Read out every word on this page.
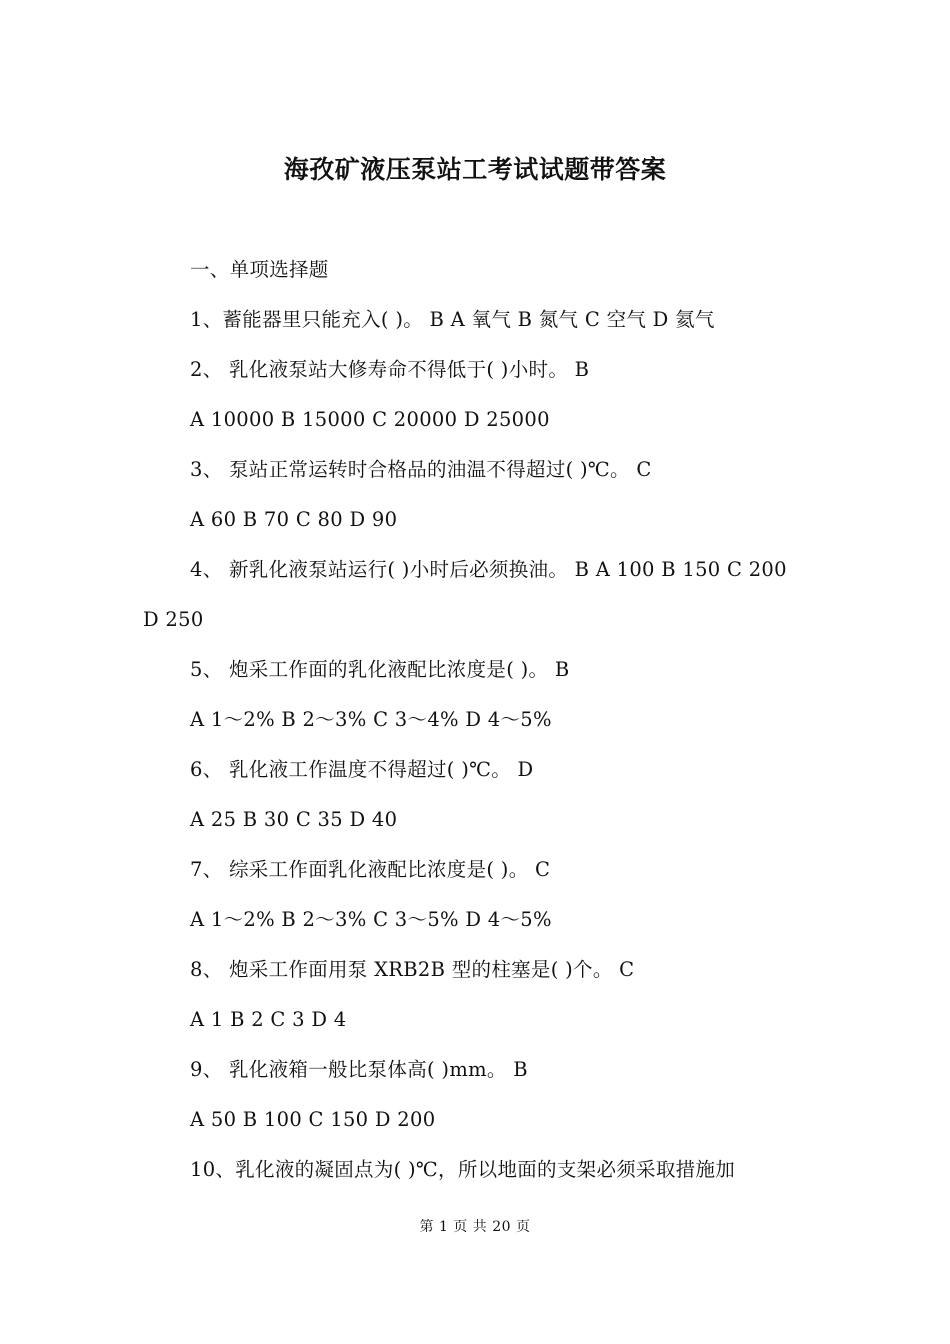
海孜矿液压泵站工考试试题带答案
一、单项选择题
1、蓄能器里只能充入( )。 B A 氧气 B 氮气 C 空气 D 氦气
2、 乳化液泵站大修寿命不得低于( )小时。 B
A 10000 B 15000 C 20000 D 25000
3、 泵站正常运转时合格品的油温不得超过( )℃。 C
A 60 B 70 C 80 D 90
4、 新乳化液泵站运行( )小时后必须换油。 B A 100 B 150 C 200
D 250
5、 炮采工作面的乳化液配比浓度是( )。 B
A 1～2% B 2～3% C 3～4% D 4～5%
6、 乳化液工作温度不得超过( )℃。 D
A 25 B 30 C 35 D 40
7、 综采工作面乳化液配比浓度是( )。 C
A 1～2% B 2～3% C 3～5% D 4～5%
8、 炮采工作面用泵 XRB2B 型的柱塞是( )个。 C
A 1 B 2 C 3 D 4
9、 乳化液箱一般比泵体高( )mm。 B
A 50 B 100 C 150 D 200
10、乳化液的凝固点为( )℃，所以地面的支架必须采取措施加
第 1 页 共 20 页
